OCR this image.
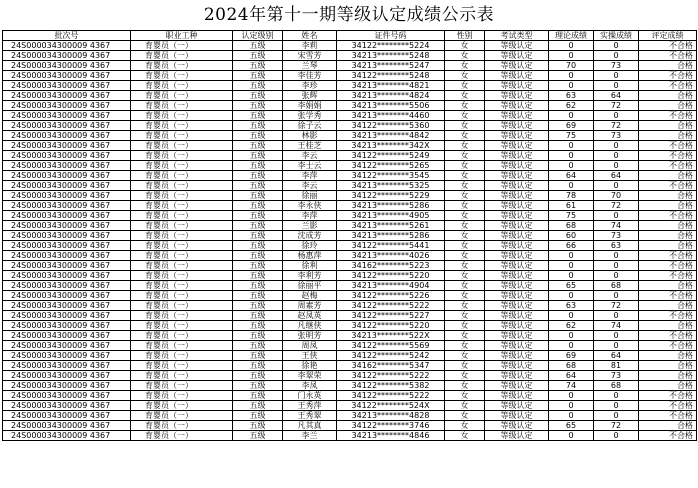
2024年第十一期等级认定成绩公示表
批次号	职业工种	认定级别	姓名	证件号码	性别	考试类型	理论成绩	实操成绩	评定成绩
24S000034300009 4367	育婴员（一）	五级	李莉	34122********5224	女	等级认定	0	0	不合格
24S000034300009 4367	育婴员（一）	五级	宋雪芳	34213********5248	女	等级认定	0	0	不合格
24S000034300009 4367	育婴员（一）	五级	兰琴	34213********5247	女	等级认定	70	73	合格
24S000034300009 4367	育婴员（一）	五级	李佳芳	34122********5248	女	等级认定	0	0	不合格
24S000034300009 4367	育婴员（一）	五级	李珍	34213********4821	女	等级认定	0	0	不合格
24S000034300009 4367	育婴员（一）	五级	张辉	34213********4824	女	等级认定	63	64	合格
24S000034300009 4367	育婴员（一）	五级	李娟娟	34213********5506	女	等级认定	62	72	合格
24S000034300009 4367	育婴员（一）	五级	张学秀	34213********4460	女	等级认定	0	0	不合格
24S000034300009 4367	育婴员（一）	五级	徐子云	34122********5360	女	等级认定	69	72	合格
24S000034300009 4367	育婴员（一）	五级	林影	34213********4842	女	等级认定	75	73	合格
24S000034300009 4367	育婴员（一）	五级	王桂芝	34213********342X	女	等级认定	0	0	不合格
24S000034300009 4367	育婴员（一）	五级	李云	34122********5249	女	等级认定	0	0	不合格
24S000034300009 4367	育婴员（一）	五级	李士云	34122********5265	女	等级认定	0	0	不合格
24S000034300009 4367	育婴员（一）	五级	李萍	34122********3545	女	等级认定	64	64	合格
24S000034300009 4367	育婴员（一）	五级	李云	34213********5325	女	等级认定	0	0	不合格
24S000034300009 4367	育婴员（一）	五级	徐丽	34122********5229	女	等级认定	78	70	合格
24S000034300009 4367	育婴员（一）	五级	李永侠	34213********5286	女	等级认定	61	72	合格
24S000034300009 4367	育婴员（一）	五级	李萍	34213********4905	女	等级认定	75	0	不合格
24S000034300009 4367	育婴员（一）	五级	兰影	34213********5261	女	等级认定	68	74	合格
24S000034300009 4367	育婴员（一）	五级	沈成芳	34213********5286	女	等级认定	60	73	合格
24S000034300009 4367	育婴员（一）	五级	徐玲	34122********5441	女	等级认定	66	63	合格
24S000034300009 4367	育婴员（一）	五级	杨惠萍	34213********4026	女	等级认定	0	0	不合格
24S000034300009 4367	育婴员（一）	五级	徐利	34162********5223	女	等级认定	0	0	不合格
24S000034300009 4367	育婴员（一）	五级	李利芳	34122********5220	女	等级认定	0	0	不合格
24S000034300009 4367	育婴员（一）	五级	徐丽平	34213********4904	女	等级认定	65	68	合格
24S000034300009 4367	育婴员（一）	五级	赵梅	34122********5226	女	等级认定	0	0	不合格
24S000034300009 4367	育婴员（一）	五级	周素芳	34122********5222	女	等级认定	63	72	合格
24S000034300009 4367	育婴员（一）	五级	赵凤英	34122********5227	女	等级认定	0	0	不合格
24S000034300009 4367	育婴员（一）	五级	凡继侠	34122********5220	女	等级认定	62	74	合格
24S000034300009 4367	育婴员（一）	五级	张明芳	34213********522X	女	等级认定	0	0	不合格
24S000034300009 4367	育婴员（一）	五级	周凤	34122********5569	女	等级认定	0	0	不合格
24S000034300009 4367	育婴员（一）	五级	王侠	34122********5242	女	等级认定	69	64	合格
24S000034300009 4367	育婴员（一）	五级	徐艳	34162********5347	女	等级认定	68	81	合格
24S000034300009 4367	育婴员（一）	五级	李翠荣	34122********5222	女	等级认定	64	73	合格
24S000034300009 4367	育婴员（一）	五级	李凤	34122********5382	女	等级认定	74	68	合格
24S000034300009 4367	育婴员（一）	五级	门永英	34122********5222	女	等级认定	0	0	不合格
24S000034300009 4367	育婴员（一）	五级	王秀萍	34122********524X	女	等级认定	0	0	不合格
24S000034300009 4367	育婴员（一）	五级	王秀翠	34213********4828	女	等级认定	0	0	不合格
24S000034300009 4367	育婴员（一）	五级	凡其真	34122********3746	女	等级认定	65	72	合格
24S000034300009 4367	育婴员（一）	五级	李兰	34213********4846	女	等级认定	0	0	不合格
